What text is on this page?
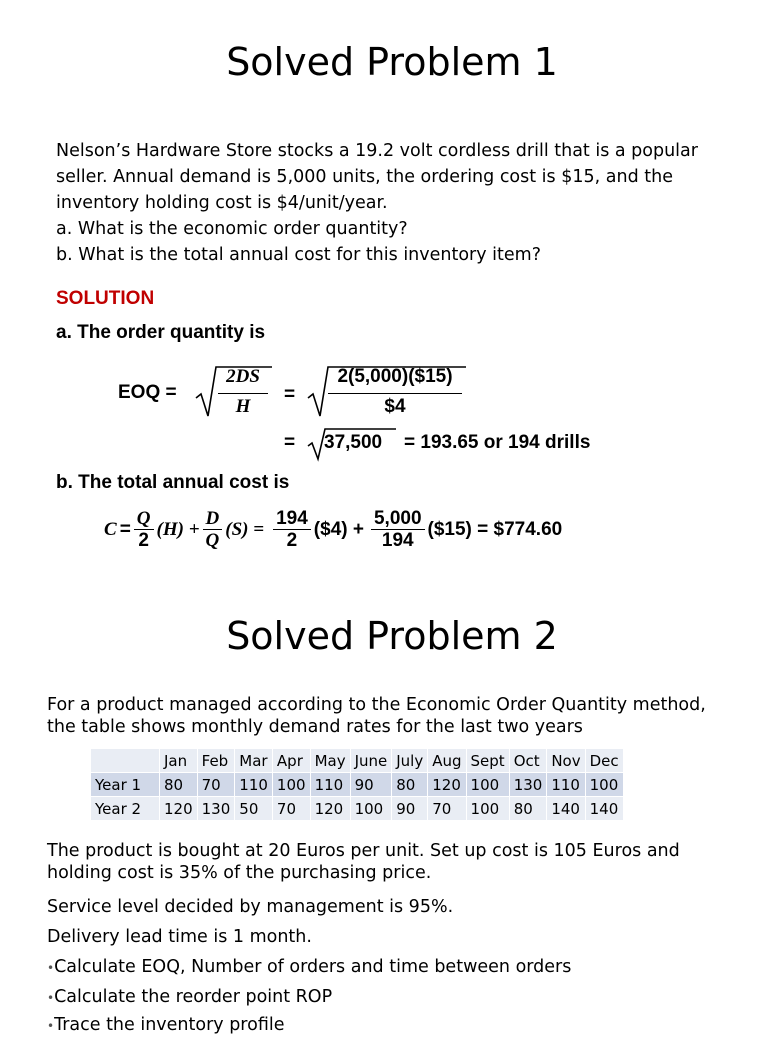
Solved Problem 1
Nelson’s Hardware Store stocks a 19.2 volt cordless drill that is a popular
seller. Annual demand is 5,000 units, the ordering cost is $15, and the
inventory holding cost is $4/unit/year.
a. What is the economic order quantity?
b. What is the total annual cost for this inventory item?
SOLUTION
a. The order quantity is
EOQ =
2DS
H
=
2(5,000)($15)
$4
= 37,500 = 193.65 or 194 drills
b. The total annual cost is
$C = \frac{Q}{2} (H) + \frac{D}{Q} (S) = \frac{194}{2}$ ($4) + $\frac{5,000}{194}$ ($15) = $774.60
Solved Problem 2
For a product managed according to the Economic Order Quantity method,
the table shows monthly demand rates for the last two years
	Jan	Feb	Mar	Apr	May	June	July	Aug	Sept	Oct	Nov	Dec
Year 1	80	70	110	100	110	90	80	120	100	130	110	100
Year 2	120	130	50	70	120	100	90	70	100	80	140	140
The product is bought at 20 Euros per unit. Set up cost is 105 Euros and
holding cost is 35% of the purchasing price.
Service level decided by management is 95%.
Delivery lead time is 1 month.
•Calculate EOQ, Number of orders and time between orders
•Calculate the reorder point ROP
•Trace the inventory profile
